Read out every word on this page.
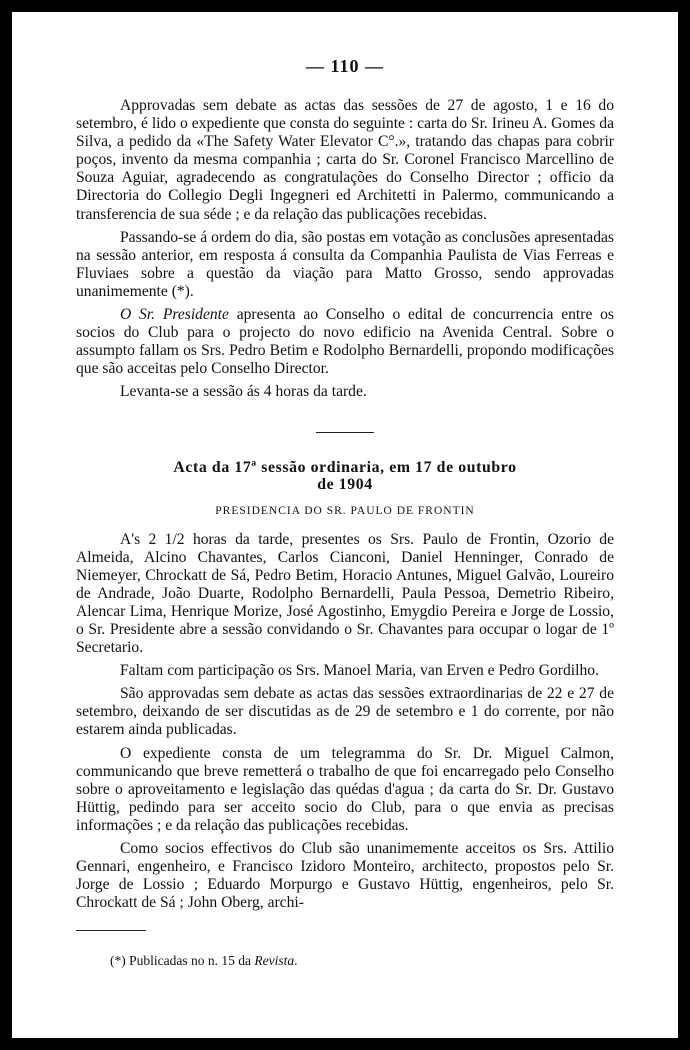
— 110 —

Approvadas sem debate as actas das sessões de 27 de agosto, 1 e 16 do setembro, é lido o expediente que consta do seguinte : carta do Sr. Irineu A. Gomes da Silva, a pedido da «The Safety Water Elevator C°.», tratando das chapas para cobrir poços, invento da mesma companhia ; carta do Sr. Coronel Francisco Marcellino de Souza Aguiar, agradecendo as congratulações do Conselho Director ; officio da Directoria do Collegio Degli Ingegneri ed Architetti in Palermo, communicando a transferencia de sua séde ; e da relação das publicações recebidas.

Passando-se á ordem do dia, são postas em votação as conclusões apresentadas na sessão anterior, em resposta á consulta da Companhia Paulista de Vias Ferreas e Fluviaes sobre a questão da viação para Matto Grosso, sendo approvadas unanimemente (*).

O Sr. Presidente apresenta ao Conselho o edital de concurrencia entre os socios do Club para o projecto do novo edificio na Avenida Central. Sobre o assumpto fallam os Srs. Pedro Betim e Rodolpho Bernardelli, propondo modificações que são acceitas pelo Conselho Director.

Levanta-se a sessão ás 4 horas da tarde.

Acta da 17ª sessão ordinaria, em 17 de outubro
de 1904
PRESIDENCIA DO SR. PAULO DE FRONTIN

A's 2 1/2 horas da tarde, presentes os Srs. Paulo de Frontin, Ozorio de Almeida, Alcino Chavantes, Carlos Cianconi, Daniel Henninger, Conrado de Niemeyer, Chrockatt de Sá, Pedro Betim, Horacio Antunes, Miguel Galvão, Loureiro de Andrade, João Duarte, Rodolpho Bernardelli, Paula Pessoa, Demetrio Ribeiro, Alencar Lima, Henrique Morize, José Agostinho, Emygdio Pereira e Jorge de Lossio, o Sr. Presidente abre a sessão convidando o Sr. Chavantes para occupar o logar de 1º Secretario.

Faltam com participação os Srs. Manoel Maria, van Erven e Pedro Gordilho.

São approvadas sem debate as actas das sessões extraordinarias de 22 e 27 de setembro, deixando de ser discutidas as de 29 de setembro e 1 do corrente, por não estarem ainda publicadas.

O expediente consta de um telegramma do Sr. Dr. Miguel Calmon, communicando que breve remetterá o trabalho de que foi encarregado pelo Conselho sobre o aproveitamento e legislação das quédas d'agua ; da carta do Sr. Dr. Gustavo Hüttig, pedindo para ser acceito socio do Club, para o que envia as precisas informações ; e da relação das publicações recebidas.

Como socios effectivos do Club são unanimemente acceitos os Srs. Attilio Gennari, engenheiro, e Francisco Izidoro Monteiro, architecto, propostos pelo Sr. Jorge de Lossio ; Eduardo Morpurgo e Gustavo Hüttig, engenheiros, pelo Sr. Chrockatt de Sá ; John Oberg, archi-

(*) Publicadas no n. 15 da Revista.
